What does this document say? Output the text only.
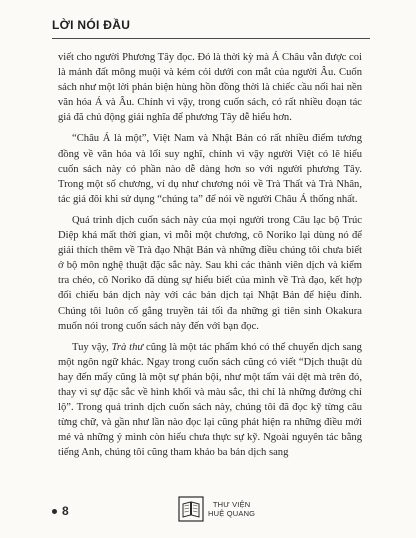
LỜI NÓI ĐẦU

viết cho người Phương Tây đọc. Đó là thời kỳ mà Á Châu vẫn được coi là mảnh đất mông muội và kém cỏi dưới con mắt của người Âu. Cuốn sách như một lời phản biện hùng hồn đồng thời là chiếc cầu nối hai nền văn hóa Á và Âu. Chính vì vậy, trong cuốn sách, có rất nhiều đoạn tác giả đã chủ động giải nghĩa để phương Tây dễ hiểu hơn.

“Châu Á là một”, Việt Nam và Nhật Bản có rất nhiều điểm tương đồng về văn hóa và lối suy nghĩ, chính vì vậy người Việt có lẽ hiểu cuốn sách này có phần nào dễ dàng hơn so với người phương Tây. Trong một số chương, ví dụ như chương nói về Trà Thất và Trà Nhân, tác giả đôi khi sử dụng “chúng ta” để nói về người Châu Á thống nhất.

Quá trình dịch cuốn sách này của mọi người trong Câu lạc bộ Trúc Diệp khá mất thời gian, vì mỗi một chương, cô Noriko lại dùng nó để giải thích thêm về Trà đạo Nhật Bản và những điều chúng tôi chưa biết ở bộ môn nghệ thuật đặc sắc này. Sau khi các thành viên dịch và kiểm tra chéo, cô Noriko đã dùng sự hiểu biết của mình về Trà đạo, kết hợp đối chiếu bản dịch này với các bản dịch tại Nhật Bản để hiệu đính. Chúng tôi luôn cố gắng truyền tải tối đa những gì tiên sinh Okakura muốn nói trong cuốn sách này đến với bạn đọc.

Tuy vậy, Trà thư cũng là một tác phẩm khó có thể chuyển dịch sang một ngôn ngữ khác. Ngay trong cuốn sách cũng có viết “Dịch thuật dù hay đến mấy cũng là một sự phản bội, như một tấm vải dệt mà trên đó, thay vì sự đặc sắc về hình khối và màu sắc, thì chỉ là những đường chỉ lộ”. Trong quá trình dịch cuốn sách này, chúng tôi đã đọc kỹ từng câu từng chữ, và gần như lần nào đọc lại cũng phát hiện ra những điều mới mẻ và những ý mình còn hiểu chưa thực sự kỹ. Ngoài nguyên tác bằng tiếng Anh, chúng tôi cũng tham khảo ba bản dịch sang

8	THƯ VIỆN
HUỆ QUANG
